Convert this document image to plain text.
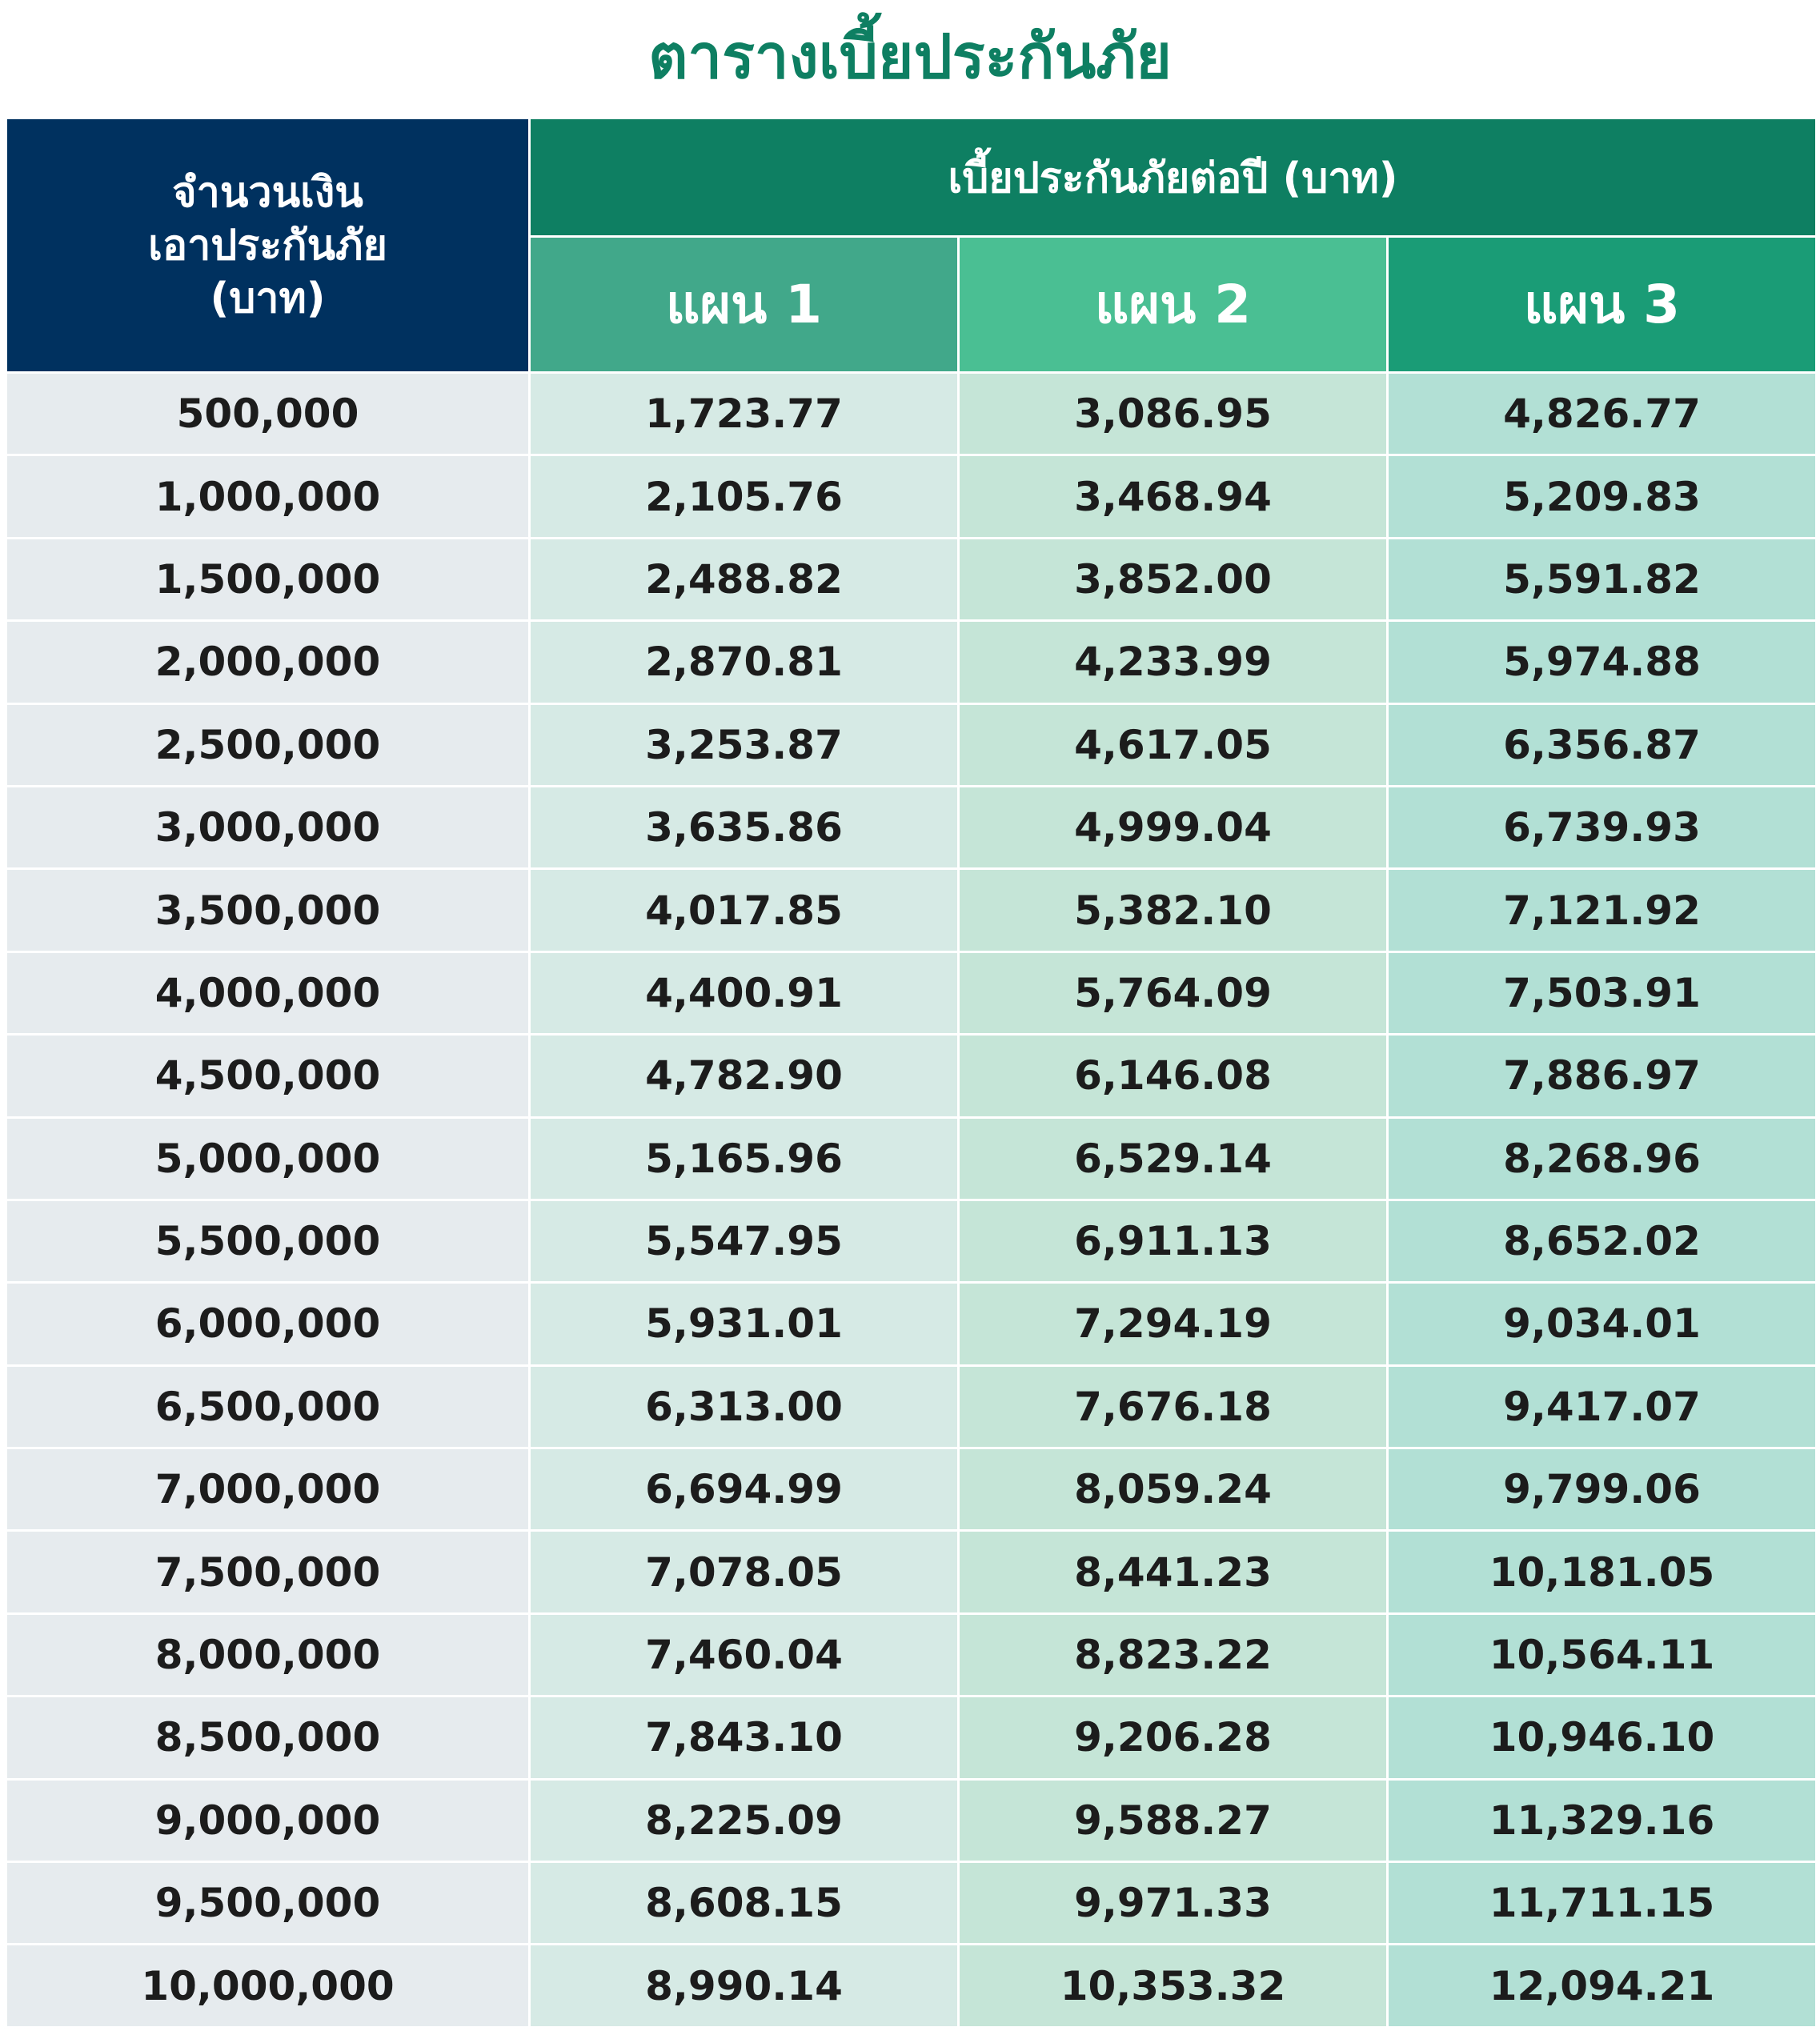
ตารางเบี้ยประกันภัย
จำนวนเงิน
เอาประกันภัย
(บาท)	เบี้ยประกันภัยต่อปี (บาท)		
	แผน 1	แผน 2	แผน 3
500,000	1,723.77	3,086.95	4,826.77
1,000,000	2,105.76	3,468.94	5,209.83
1,500,000	2,488.82	3,852.00	5,591.82
2,000,000	2,870.81	4,233.99	5,974.88
2,500,000	3,253.87	4,617.05	6,356.87
3,000,000	3,635.86	4,999.04	6,739.93
3,500,000	4,017.85	5,382.10	7,121.92
4,000,000	4,400.91	5,764.09	7,503.91
4,500,000	4,782.90	6,146.08	7,886.97
5,000,000	5,165.96	6,529.14	8,268.96
5,500,000	5,547.95	6,911.13	8,652.02
6,000,000	5,931.01	7,294.19	9,034.01
6,500,000	6,313.00	7,676.18	9,417.07
7,000,000	6,694.99	8,059.24	9,799.06
7,500,000	7,078.05	8,441.23	10,181.05
8,000,000	7,460.04	8,823.22	10,564.11
8,500,000	7,843.10	9,206.28	10,946.10
9,000,000	8,225.09	9,588.27	11,329.16
9,500,000	8,608.15	9,971.33	11,711.15
10,000,000	8,990.14	10,353.32	12,094.21
